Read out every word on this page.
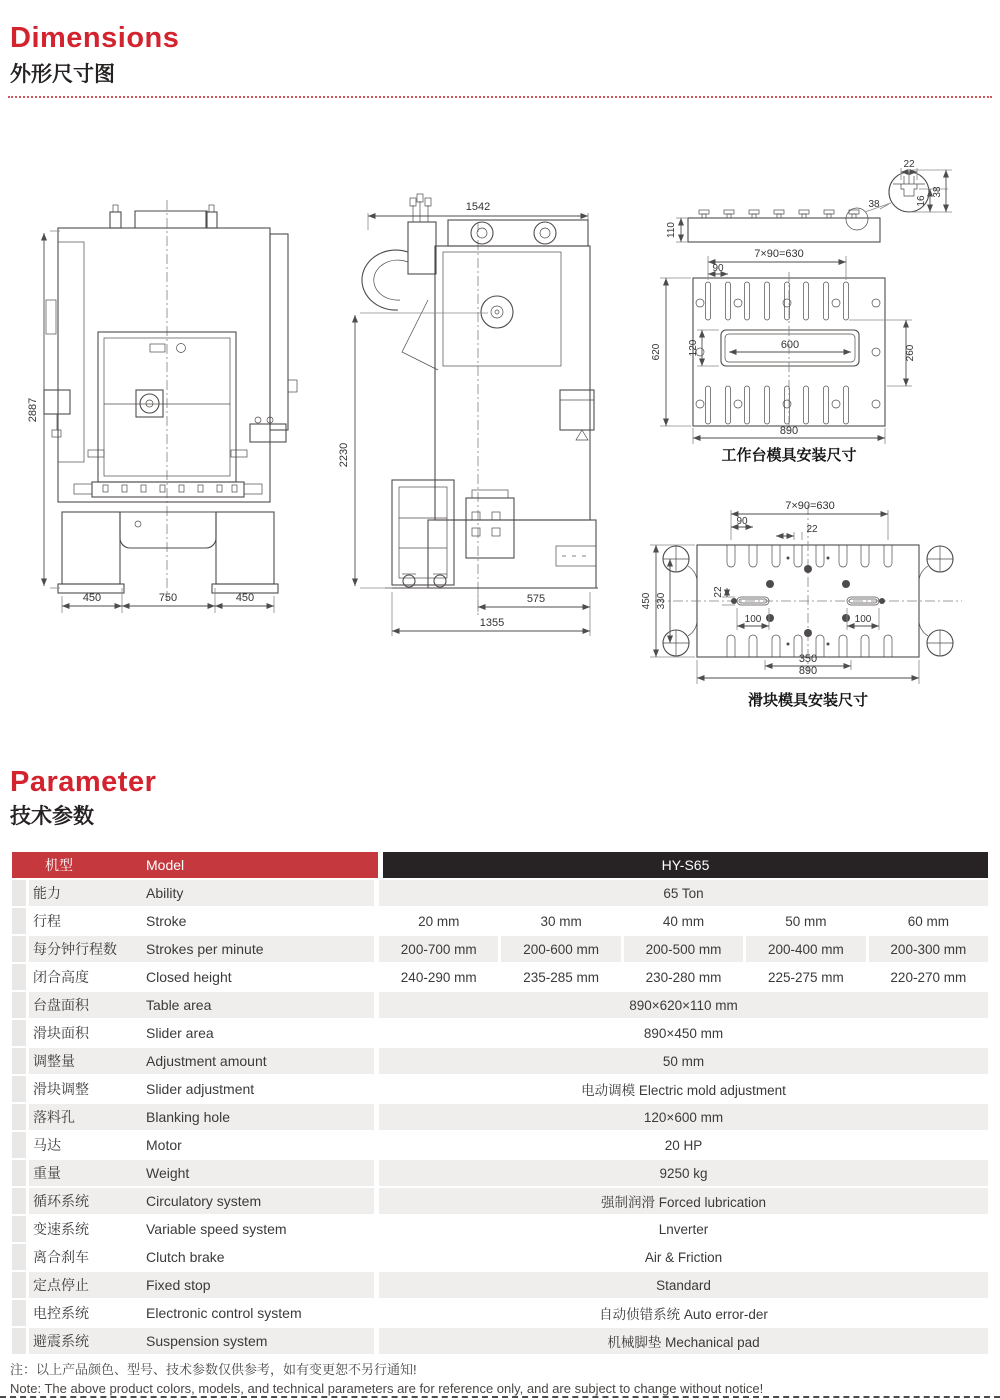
Dimensions
外形尺寸图
2887
450	750	450
1542
2230
575
1355
22
38	16
38
110
600
7×90=630
90
620	120	260
890
工作台模具安装尺寸
7×90=630
90
22
450 330
22
100	100
350
890
滑块模具安装尺寸
Parameter
技术参数
机型	Model	HY-S65
能力	Ability	65 Ton
行程	Stroke	20 mm	30 mm	40 mm	50 mm	60 mm
每分钟行程数	Strokes per minute	200-700 mm	200-600 mm	200-500 mm	200-400 mm	200-300 mm
闭合高度	Closed height	240-290 mm	235-285 mm	230-280 mm	225-275 mm	220-270 mm
台盘面积	Table area	890×620×110 mm
滑块面积	Slider area	890×450 mm
调整量	Adjustment amount	50 mm
滑块调整	Slider adjustment	电动调模 Electric mold adjustment
落料孔	Blanking hole	120×600 mm
马达	Motor	20 HP
重量	Weight	9250 kg
循环系统	Circulatory system	强制润滑 Forced lubrication
变速系统	Variable speed system	Lnverter
离合刹车	Clutch brake	Air & Friction
定点停止	Fixed stop	Standard
电控系统	Electronic control system	自动侦错系统 Auto error-der
避震系统	Suspension system	机械脚垫 Mechanical pad
注：以上产品颜色、型号、技术参数仅供参考，如有变更恕不另行通知!
Note: The above product colors, models, and technical parameters are for reference only, and are subject to change without notice!
